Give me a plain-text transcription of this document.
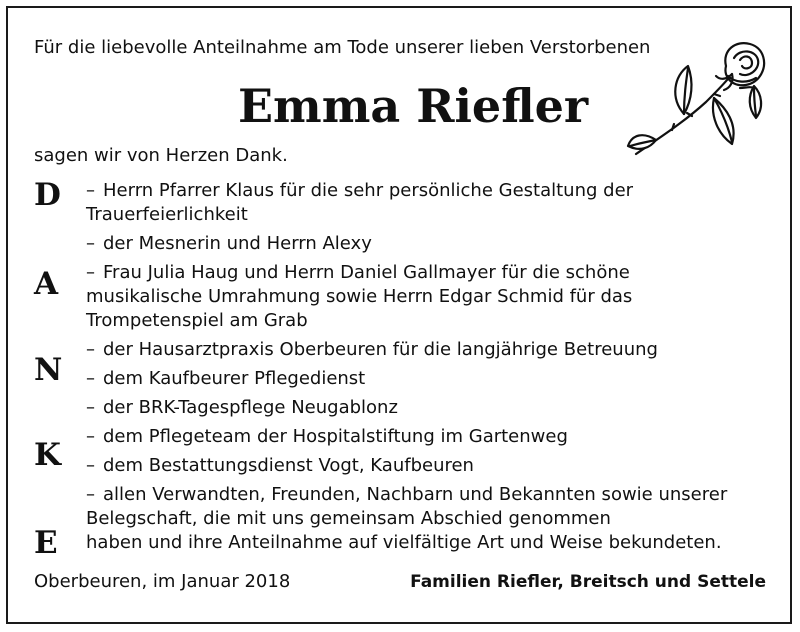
Für die liebevolle Anteilnahme am Tode unserer lieben Verstorbenen
Emma Riefler
sagen wir von Herzen Dank.
D
A
N
K
E
– Herrn Pfarrer Klaus für die sehr persönliche Gestaltung der
Trauerfeierlichkeit
– der Mesnerin und Herrn Alexy
– Frau Julia Haug und Herrn Daniel Gallmayer für die schöne
musikalische Umrahmung sowie Herrn Edgar Schmid für das
Trompetenspiel am Grab
– der Hausarztpraxis Oberbeuren für die langjährige Betreuung
– dem Kaufbeurer Pflegedienst
– der BRK-Tagespflege Neugablonz
– dem Pflegeteam der Hospitalstiftung im Gartenweg
– dem Bestattungsdienst Vogt, Kaufbeuren
– allen Verwandten, Freunden, Nachbarn und Bekannten sowie unserer
Belegschaft, die mit uns gemeinsam Abschied genommen
haben und ihre Anteilnahme auf vielfältige Art und Weise bekundeten.
Oberbeuren, im Januar 2018	Familien Riefler, Breitsch und Settele
